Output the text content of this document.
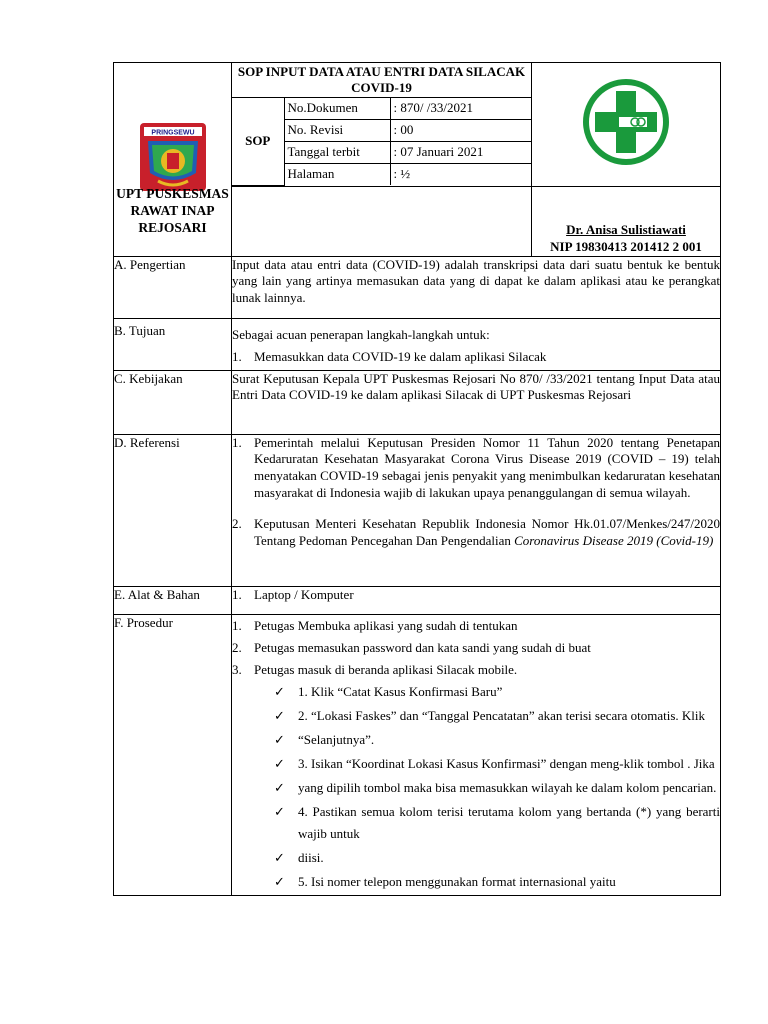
PRINGSEWU

SOP INPUT DATA ATAU ENTRI DATA SILACAK COVID-19
SOP	No.Dokumen	: 870/ /33/2021
No. Revisi	: 00
Tanggal terbit	: 07 Januari 2021
Halaman	: ½

Dr. Anisa Sulistiawati
NIP 19830413 201412 2 001

A. Pengertian	Input data atau entri data (COVID-19) adalah transkripsi data dari suatu bentuk ke bentuk yang lain yang artinya memasukan data yang di dapat ke dalam aplikasi atau ke perangkat lunak lainnya.
B. Tujuan	Sebagai acuan penerapan langkah-langkah untuk:
1. Memasukkan data COVID-19 ke dalam aplikasi Silacak

C. Kebijakan	Surat Keputusan Kepala UPT Puskesmas Rejosari No 870/ /33/2021 tentang Input Data atau Entri Data COVID-19 ke dalam aplikasi Silacak di UPT Puskesmas Rejosari
D. Referensi	1. Pemerintah melalui Keputusan Presiden Nomor 11 Tahun 2020 tentang Penetapan Kedaruratan Kesehatan Masyarakat Corona Virus Disease 2019 (COVID – 19) telah menyatakan COVID-19 sebagai jenis penyakit yang menimbulkan kedaruratan kesehatan masyarakat di Indonesia wajib di lakukan upaya penanggulangan di semua wilayah.
2. Keputusan Menteri Kesehatan Republik Indonesia Nomor Hk.01.07/Menkes/247/2020 Tentang Pedoman Pencegahan Dan Pengendalian Coronavirus Disease 2019 (Covid-19)

E. Alat & Bahan	1. Laptop / Komputer

F. Prosedur	1. Petugas Membuka aplikasi yang sudah di tentukan
2. Petugas memasukan password dan kata sandi yang sudah di buat
3. Petugas masuk di beranda aplikasi Silacak mobile.
✓	1. Klik “Catat Kasus Konfirmasi Baru”
✓	2. “Lokasi Faskes” dan “Tanggal Pencatatan” akan terisi secara otomatis. Klik
✓	“Selanjutnya”.
✓	3. Isikan “Koordinat Lokasi Kasus Konfirmasi” dengan meng-klik tombol . Jika
✓	yang dipilih tombol maka bisa memasukkan wilayah ke dalam kolom pencarian.
✓	4. Pastikan semua kolom terisi terutama kolom yang bertanda (*) yang berarti wajib untuk
✓	diisi.
✓	5. Isi nomer telepon menggunakan format internasional yaitu
UPT PUSKESMAS RAWAT INAP REJOSARI
